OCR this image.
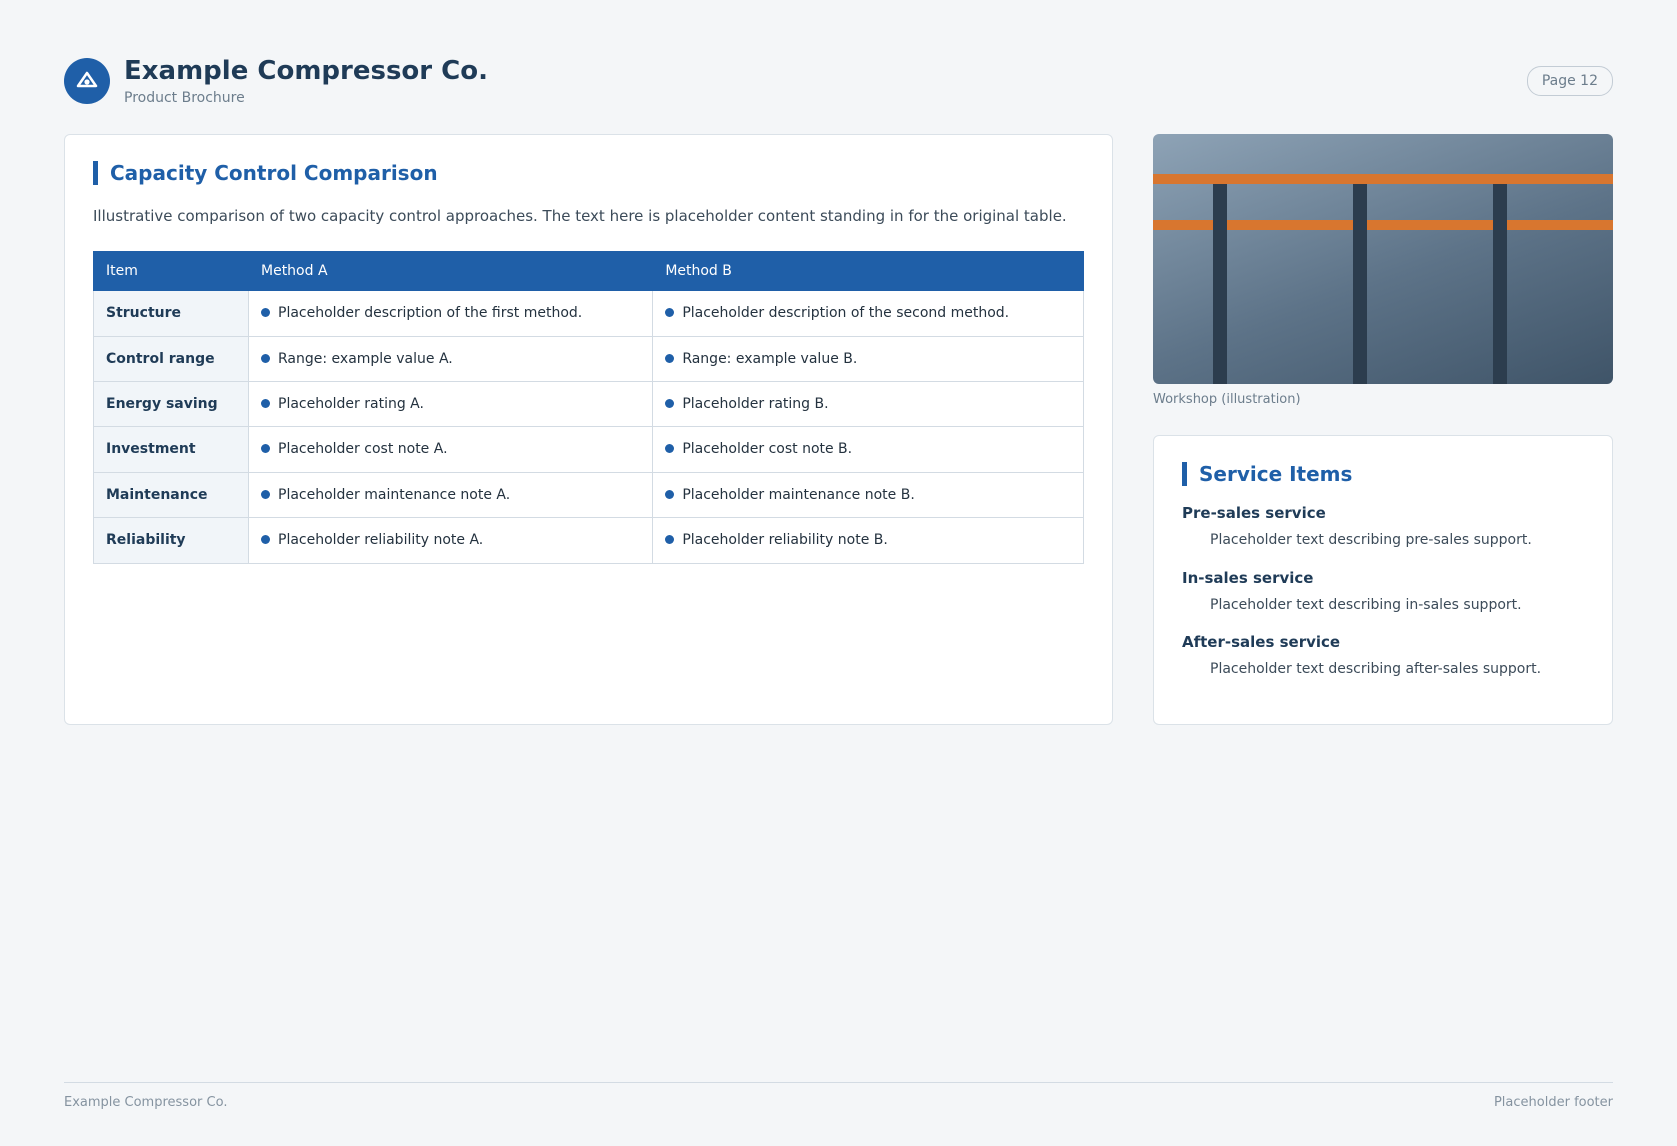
Example Compressor Co.
Product Brochure
Page 12
Capacity Control Comparison

Illustrative comparison of two capacity control approaches. The text here is placeholder content standing in for the original table.

Item	Method A	Method B
Structure	Placeholder description of the first method.	Placeholder description of the second method.

Control range	Range: example value A.	Range: example value B.

Energy saving	Placeholder rating A.	Placeholder rating B.

Investment	Placeholder cost note A.	Placeholder cost note B.

Maintenance	Placeholder maintenance note A.	Placeholder maintenance note B.

Reliability	Placeholder reliability note A.	Placeholder reliability note B.
Workshop (illustration)
Service Items
Pre-sales service
Placeholder text describing pre-sales support.
In-sales service
Placeholder text describing in-sales support.
After-sales service
Placeholder text describing after-sales support.
Example Compressor Co.	Placeholder footer
